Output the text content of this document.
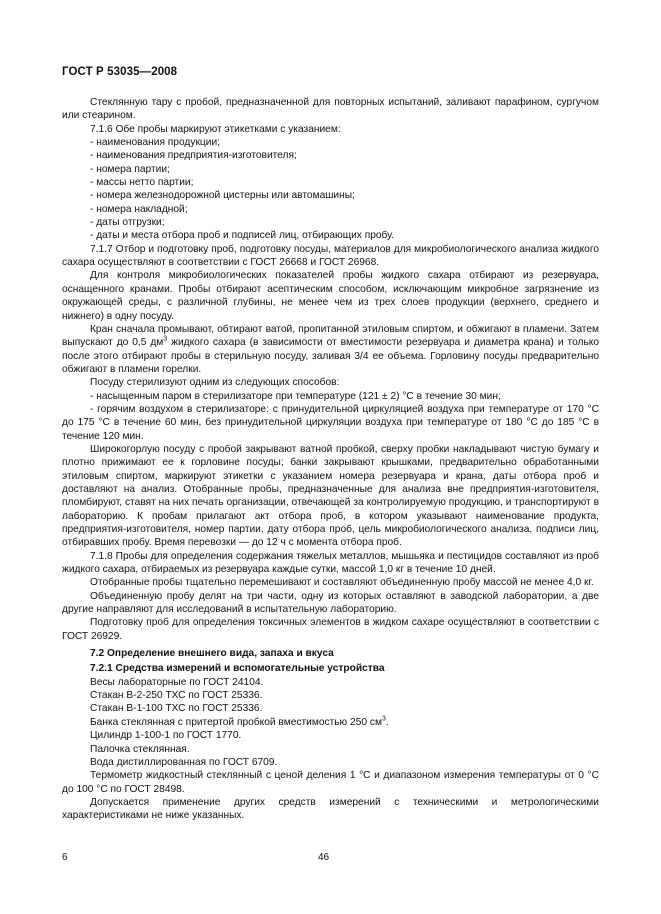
ГОСТ Р 53035—2008

Стеклянную тару с пробой, предназначенной для повторных испытаний, заливают парафином, сургучом или стеарином.

7.1.6 Обе пробы маркируют этикетками с указанием:

- наименования продукции;

- наименования предприятия-изготовителя;

- номера партии;

- массы нетто партии;

- номера железнодорожной цистерны или автомашины;

- номера накладной;

- даты отгрузки;

- даты и места отбора проб и подписей лиц, отбирающих пробу.

7.1.7 Отбор и подготовку проб, подготовку посуды, материалов для микробиологического анализа жидкого сахара осуществляют в соответствии с ГОСТ 26668 и ГОСТ 26968.

Для контроля микробиологических показателей пробы жидкого сахара отбирают из резервуара, оснащенного кранами. Пробы отбирают асептическим способом, исключающим микробное загрязнение из окружающей среды, с различной глубины, не менее чем из трех слоев продукции (верхнего, среднего и нижнего) в одну посуду.

Кран сначала промывают, обтирают ватой, пропитанной этиловым спиртом, и обжигают в пламени. Затем выпускают до 0,5 $дм^3$ жидкого сахара (в зависимости от вместимости резервуара и диаметра крана) и только после этого отбирают пробы в стерильную посуду, заливая 3/4 ее объема. Горловину посуды предварительно обжигают в пламени горелки.

Посуду стерилизуют одним из следующих способов:

- насыщенным паром в стерилизаторе при температуре (121 ± 2) °С в течение 30 мин;

- горячим воздухом в стерилизаторе: с принудительной циркуляцией воздуха при температуре от 170 °С до 175 °С в течение 60 мин, без принудительной циркуляции воздуха при температуре от 180 °С до 185 °С в течение 120 мин.

Широкогорлую посуду с пробой закрывают ватной пробкой, сверху пробки накладывают чистую бумагу и плотно прижимают ее к горловине посуды; банки закрывают крышками, предварительно обработанными этиловым спиртом, маркируют этикетки с указанием номера резервуара и крана, даты отбора проб и доставляют на анализ. Отобранные пробы, предназначенные для анализа вне предприятия-изготовителя, пломбируют, ставят на них печать организации, отвечающей за контролируемую продукцию, и транспортируют в лабораторию. К пробам прилагают акт отбора проб, в котором указывают наименование продукта, предприятия-изготовителя, номер партии, дату отбора проб, цель микробиологического анализа, подписи лиц, отбиравших пробу. Время перевозки — до 12 ч с момента отбора проб.

7.1.8 Пробы для определения содержания тяжелых металлов, мышьяка и пестицидов составляют из проб жидкого сахара, отбираемых из резервуара каждые сутки, массой 1,0 кг в течение 10 дней.

Отобранные пробы тщательно перемешивают и составляют объединенную пробу массой не менее 4,0 кг.

Объединенную пробу делят на три части, одну из которых оставляют в заводской лаборатории, а две другие направляют для исследований в испытательную лабораторию.

Подготовку проб для определения токсичных элементов в жидком сахаре осуществляют в соответствии с ГОСТ 26929.

7.2 Определение внешнего вида, запаха и вкуса

7.2.1 Средства измерений и вспомогательные устройства

Весы лабораторные по ГОСТ 24104.

Стакан В-2-250 ТХС по ГОСТ 25336.

Стакан В-1-100 ТХС по ГОСТ 25336.

Банка стеклянная с притертой пробкой вместимостью 250 $см^3$.

Цилиндр 1-100-1 по ГОСТ 1770.

Палочка стеклянная.

Вода дистиллированная по ГОСТ 6709.

Термометр жидкостный стеклянный с ценой деления 1 °С и диапазоном измерения температуры от 0 °С до 100 °С по ГОСТ 28498.

Допускается применение других средств измерений с техническими и метрологическими характеристиками не ниже указанных.

6	46
